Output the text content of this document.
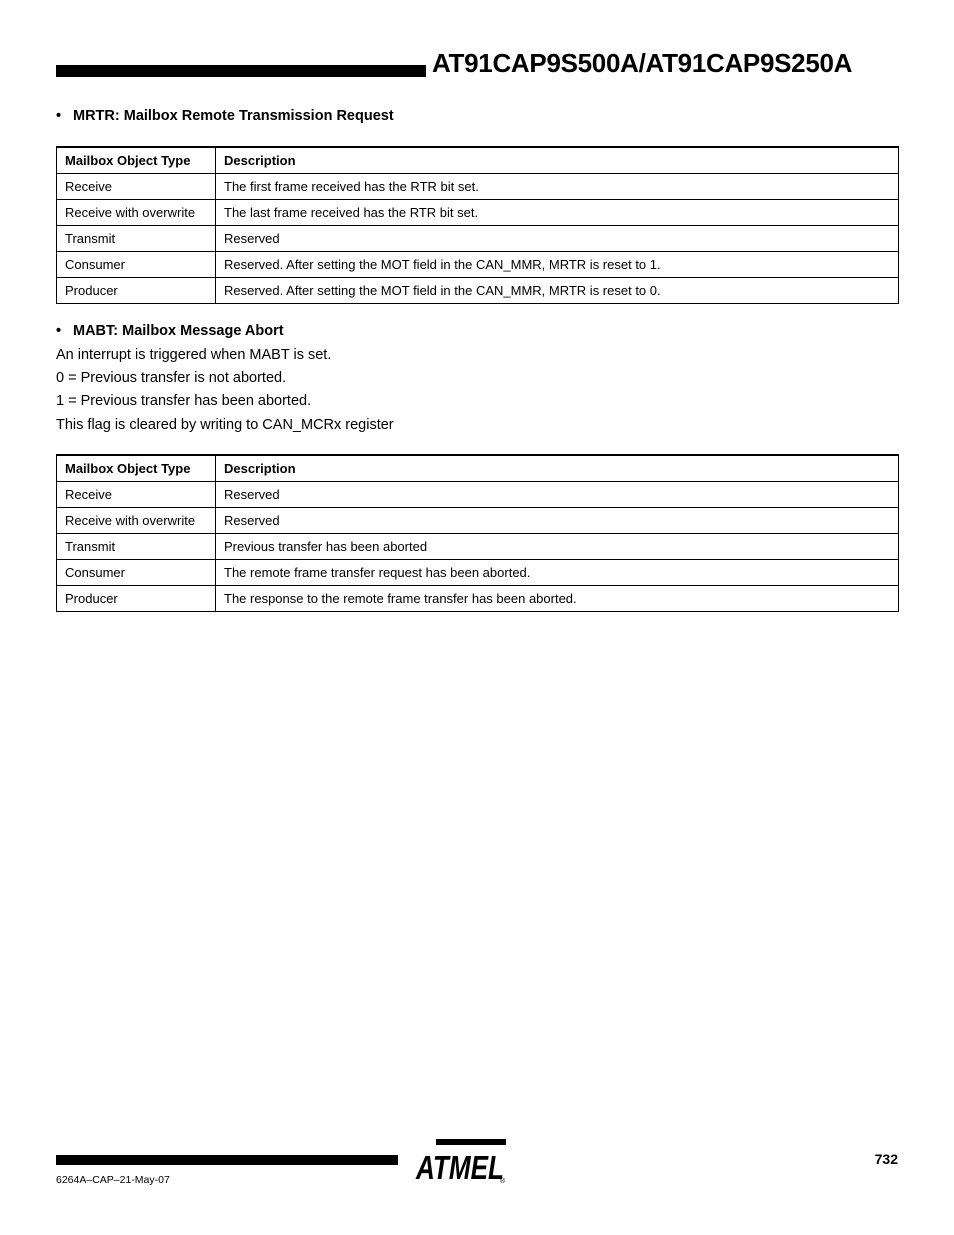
AT91CAP9S500A/AT91CAP9S250A
• MRTR: Mailbox Remote Transmission Request
Mailbox Object Type	Description
Receive	The first frame received has the RTR bit set.
Receive with overwrite	The last frame received has the RTR bit set.
Transmit	Reserved
Consumer	Reserved. After setting the MOT field in the CAN_MMR, MRTR is reset to 1.
Producer	Reserved. After setting the MOT field in the CAN_MMR, MRTR is reset to 0.
• MABT: Mailbox Message Abort
An interrupt is triggered when MABT is set.
0 = Previous transfer is not aborted.
1 = Previous transfer has been aborted.
This flag is cleared by writing to CAN_MCRx register
Mailbox Object Type	Description
Receive	Reserved
Receive with overwrite	Reserved
Transmit	Previous transfer has been aborted
Consumer	The remote frame transfer request has been aborted.
Producer	The response to the remote frame transfer has been aborted.
ATMEL
®
732
6264A–CAP–21-May-07
